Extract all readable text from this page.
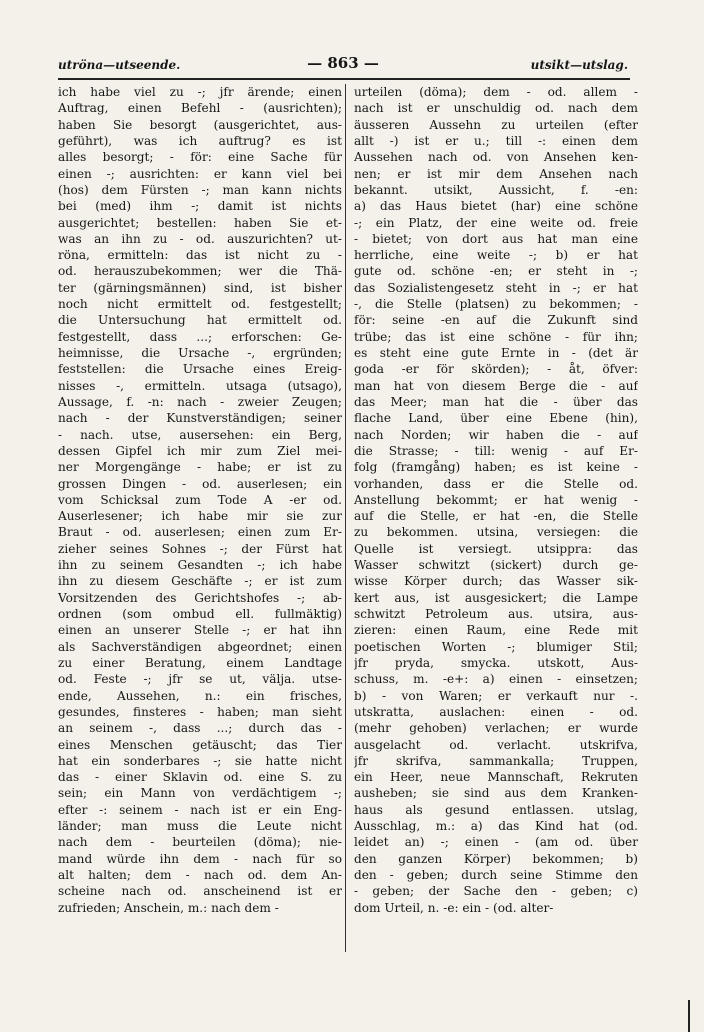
utröna—utseende.	— 863 —	utsikt—utslag.
ich habe viel zu -; jfr ärende; einen
Auftrag, einen Befehl - (ausrichten);
haben Sie besorgt (ausgerichtet, aus-
geführt), was ich auftrug? es ist
alles besorgt; - för: eine Sache für
einen -; ausrichten: er kann viel bei
(hos) dem Fürsten -; man kann nichts
bei (med) ihm -; damit ist nichts
ausgerichtet; bestellen: haben Sie et-
was an ihn zu - od. auszurichten? ut-
röna, ermitteln: das ist nicht zu -
od. herauszubekommen; wer die Thä-
ter (gärningsmännen) sind, ist bisher
noch nicht ermittelt od. festgestellt;
die Untersuchung hat ermittelt od.
festgestellt, dass ...; erforschen: Ge-
heimnisse, die Ursache -, ergründen;
feststellen: die Ursache eines Ereig-
nisses -, ermitteln. utsaga (utsago),
Aussage, f. -n: nach - zweier Zeugen;
nach - der Kunstverständigen; seiner
- nach. utse, ausersehen: ein Berg,
dessen Gipfel ich mir zum Ziel mei-
ner Morgengänge - habe; er ist zu
grossen Dingen - od. auserlesen; ein
vom Schicksal zum Tode A -er od.
Auserlesener; ich habe mir sie zur
Braut - od. auserlesen; einen zum Er-
zieher seines Sohnes -; der Fürst hat
ihn zu seinem Gesandten -; ich habe
ihn zu diesem Geschäfte -; er ist zum
Vorsitzenden des Gerichtshofes -; ab-
ordnen (som ombud ell. fullmäktig)
einen an unserer Stelle -; er hat ihn
als Sachverständigen abgeordnet; einen
zu einer Beratung, einem Landtage
od. Feste -; jfr se ut, välja. utse-
ende, Aussehen, n.: ein frisches,
gesundes, finsteres - haben; man sieht
an seinem -, dass ...; durch das -
eines Menschen getäuscht; das Tier
hat ein sonderbares -; sie hatte nicht
das - einer Sklavin od. eine S. zu
sein; ein Mann von verdächtigem -;
efter -: seinem - nach ist er ein Eng-
länder; man muss die Leute nicht
nach dem - beurteilen (döma); nie-
mand würde ihn dem - nach für so
alt halten; dem - nach od. dem An-
scheine nach od. anscheinend ist er
zufrieden; Anschein, m.: nach dem -
urteilen (döma); dem - od. allem -
nach ist er unschuldig od. nach dem
äusseren Aussehn zu urteilen (efter
allt -) ist er u.; till -: einen dem
Aussehen nach od. von Ansehen ken-
nen; er ist mir dem Ansehen nach
bekannt. utsikt, Aussicht, f. -en:
a) das Haus bietet (har) eine schöne
-; ein Platz, der eine weite od. freie
- bietet; von dort aus hat man eine
herrliche, eine weite -; b) er hat
gute od. schöne -en; er steht in -;
das Sozialistengesetz steht in -; er hat
-, die Stelle (platsen) zu bekommen; -
för: seine -en auf die Zukunft sind
trübe; das ist eine schöne - für ihn;
es steht eine gute Ernte in - (det är
goda -er för skörden); - åt, öfver:
man hat von diesem Berge die - auf
das Meer; man hat die - über das
flache Land, über eine Ebene (hin),
nach Norden; wir haben die - auf
die Strasse; - till: wenig - auf Er-
folg (framgång) haben; es ist keine -
vorhanden, dass er die Stelle od.
Anstellung bekommt; er hat wenig -
auf die Stelle, er hat -en, die Stelle
zu bekommen. utsina, versiegen: die
Quelle ist versiegt. utsippra: das
Wasser schwitzt (sickert) durch ge-
wisse Körper durch; das Wasser sik-
kert aus, ist ausgesickert; die Lampe
schwitzt Petroleum aus. utsira, aus-
zieren: einen Raum, eine Rede mit
poetischen Worten -; blumiger Stil;
jfr pryda, smycka. utskott, Aus-
schuss, m. -e+: a) einen - einsetzen;
b) - von Waren; er verkauft nur -.
utskratta, auslachen: einen - od.
(mehr gehoben) verlachen; er wurde
ausgelacht od. verlacht. utskrifva,
jfr skrifva, sammankalla; Truppen,
ein Heer, neue Mannschaft, Rekruten
ausheben; sie sind aus dem Kranken-
haus als gesund entlassen. utslag,
Ausschlag, m.: a) das Kind hat (od.
leidet an) -; einen - (am od. über
den ganzen Körper) bekommen; b)
den - geben; durch seine Stimme den
- geben; der Sache den - geben; c)
dom Urteil, n. -e: ein - (od. alter-
